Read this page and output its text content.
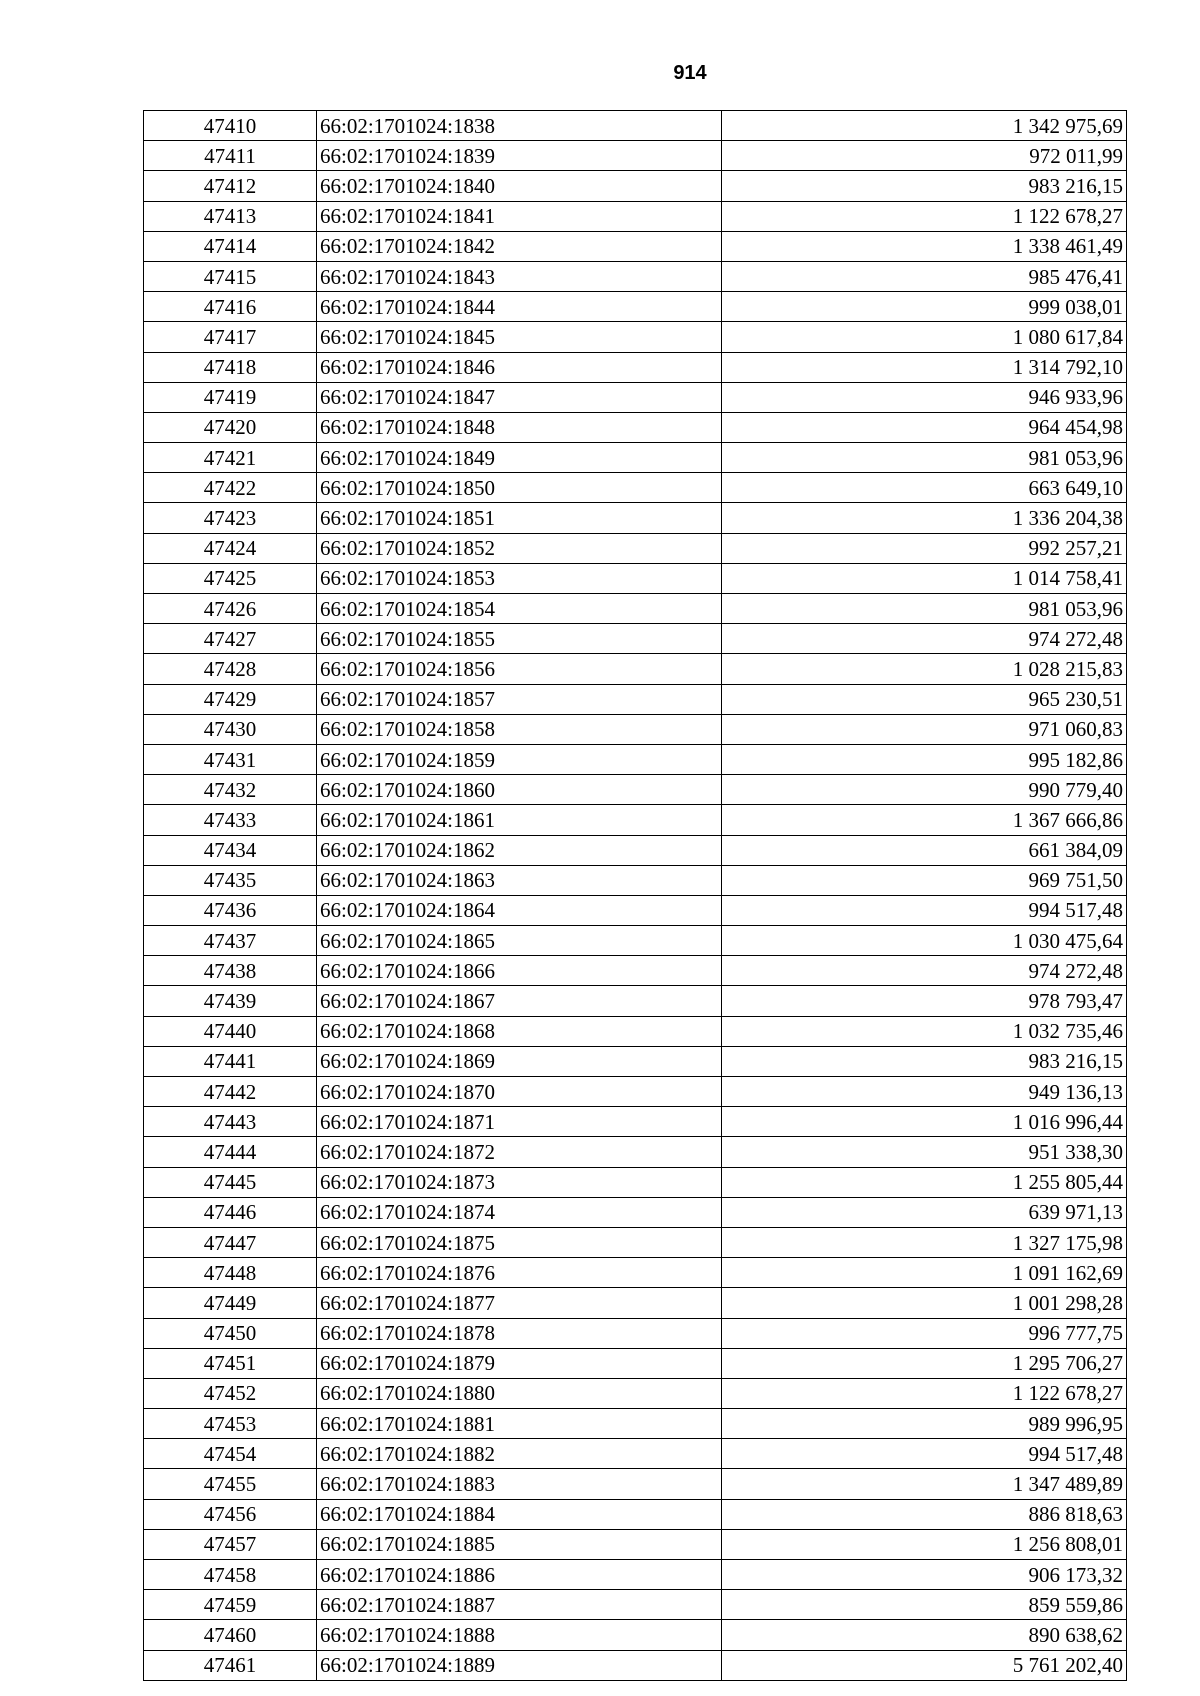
914
47410	66:02:1701024:1838	1 342 975,69
47411	66:02:1701024:1839	972 011,99
47412	66:02:1701024:1840	983 216,15
47413	66:02:1701024:1841	1 122 678,27
47414	66:02:1701024:1842	1 338 461,49
47415	66:02:1701024:1843	985 476,41
47416	66:02:1701024:1844	999 038,01
47417	66:02:1701024:1845	1 080 617,84
47418	66:02:1701024:1846	1 314 792,10
47419	66:02:1701024:1847	946 933,96
47420	66:02:1701024:1848	964 454,98
47421	66:02:1701024:1849	981 053,96
47422	66:02:1701024:1850	663 649,10
47423	66:02:1701024:1851	1 336 204,38
47424	66:02:1701024:1852	992 257,21
47425	66:02:1701024:1853	1 014 758,41
47426	66:02:1701024:1854	981 053,96
47427	66:02:1701024:1855	974 272,48
47428	66:02:1701024:1856	1 028 215,83
47429	66:02:1701024:1857	965 230,51
47430	66:02:1701024:1858	971 060,83
47431	66:02:1701024:1859	995 182,86
47432	66:02:1701024:1860	990 779,40
47433	66:02:1701024:1861	1 367 666,86
47434	66:02:1701024:1862	661 384,09
47435	66:02:1701024:1863	969 751,50
47436	66:02:1701024:1864	994 517,48
47437	66:02:1701024:1865	1 030 475,64
47438	66:02:1701024:1866	974 272,48
47439	66:02:1701024:1867	978 793,47
47440	66:02:1701024:1868	1 032 735,46
47441	66:02:1701024:1869	983 216,15
47442	66:02:1701024:1870	949 136,13
47443	66:02:1701024:1871	1 016 996,44
47444	66:02:1701024:1872	951 338,30
47445	66:02:1701024:1873	1 255 805,44
47446	66:02:1701024:1874	639 971,13
47447	66:02:1701024:1875	1 327 175,98
47448	66:02:1701024:1876	1 091 162,69
47449	66:02:1701024:1877	1 001 298,28
47450	66:02:1701024:1878	996 777,75
47451	66:02:1701024:1879	1 295 706,27
47452	66:02:1701024:1880	1 122 678,27
47453	66:02:1701024:1881	989 996,95
47454	66:02:1701024:1882	994 517,48
47455	66:02:1701024:1883	1 347 489,89
47456	66:02:1701024:1884	886 818,63
47457	66:02:1701024:1885	1 256 808,01
47458	66:02:1701024:1886	906 173,32
47459	66:02:1701024:1887	859 559,86
47460	66:02:1701024:1888	890 638,62
47461	66:02:1701024:1889	5 761 202,40
